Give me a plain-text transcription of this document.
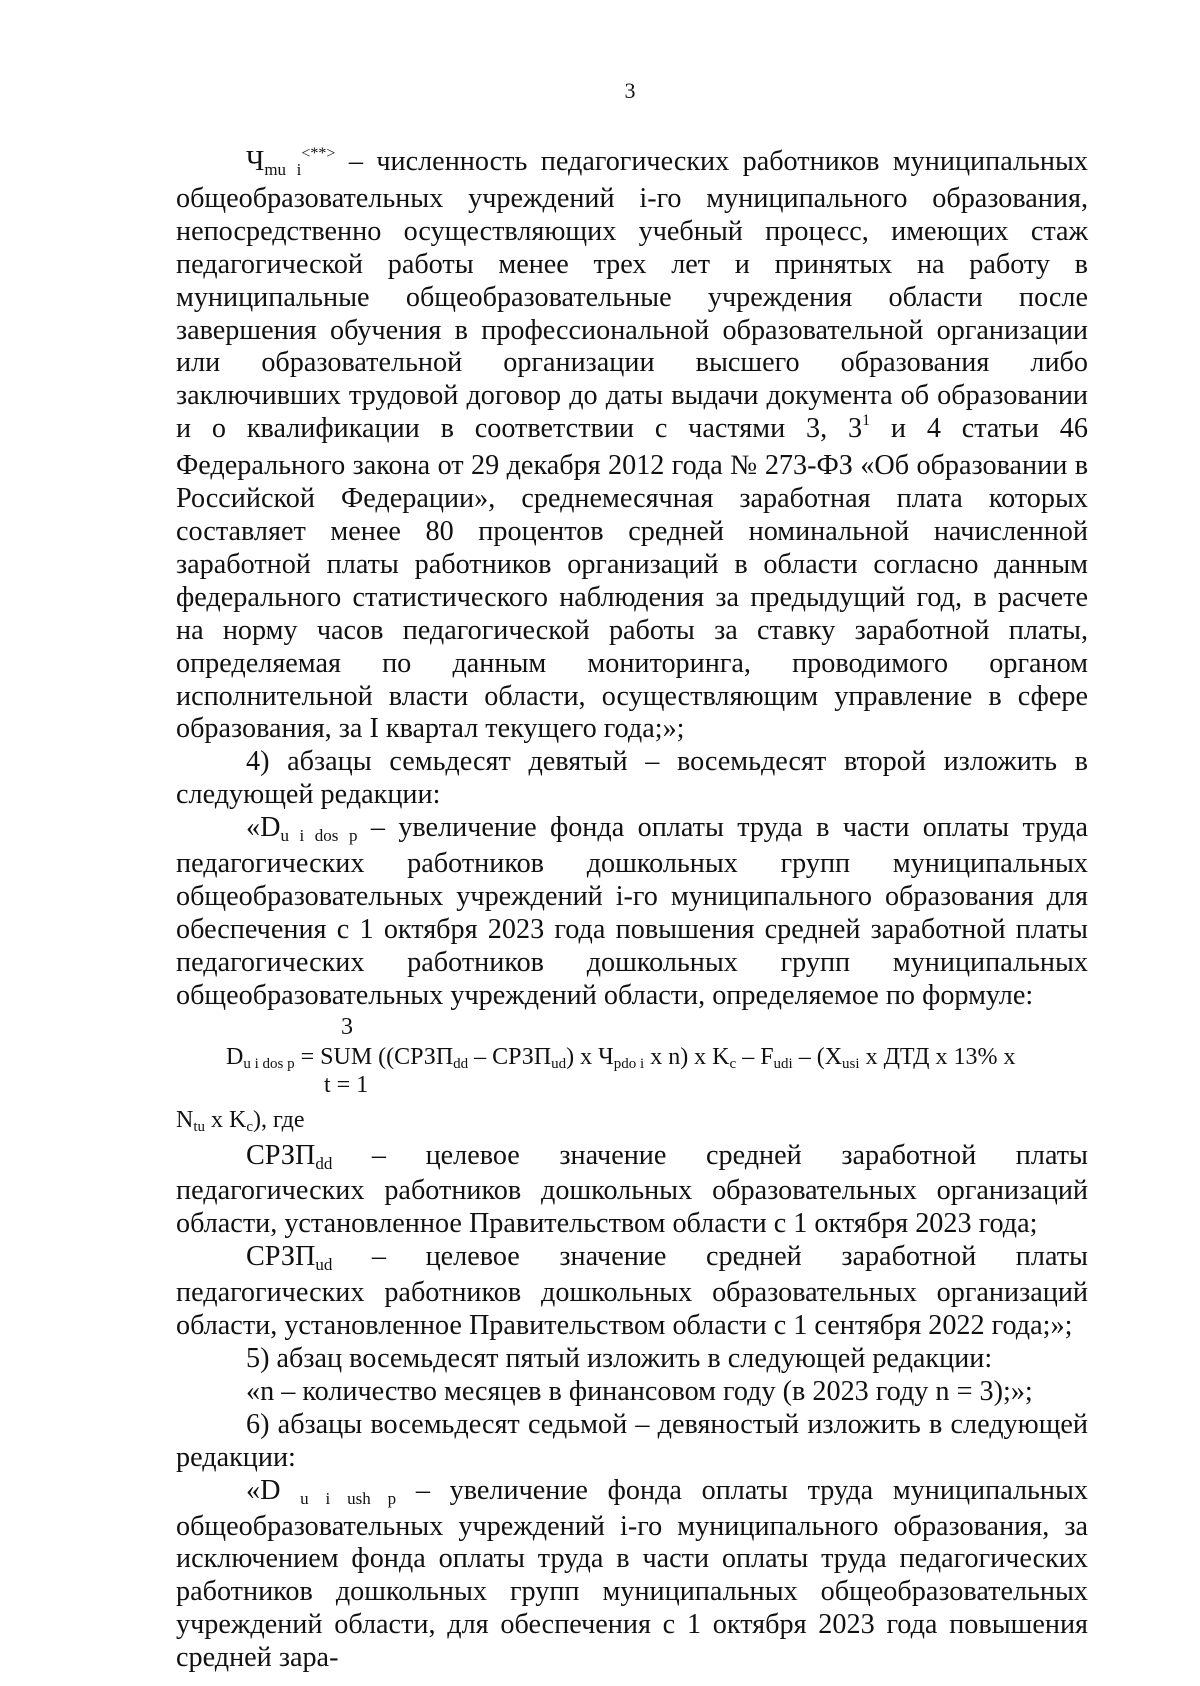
3

Чmu i<**> – численность педагогических работников муниципальных общеобразовательных учреждений i-го муниципального образования, непосредственно осуществляющих учебный процесс, имеющих стаж педагогической работы менее трех лет и принятых на работу в муниципальные общеобразовательные учреждения области после завершения обучения в профессиональной образовательной организации или образовательной организации высшего образования либо заключивших трудовой договор до даты выдачи документа об образовании и о квалификации в соответствии с частями 3, $3^1$ и 4 статьи 46 Федерального закона от 29 декабря 2012 года № 273-ФЗ «Об образовании в Российской Федерации», среднемесячная заработная плата которых составляет менее 80 процентов средней номинальной начисленной заработной платы работников организаций в области согласно данным федерального статистического наблюдения за предыдущий год, в расчете на норму часов педагогической работы за ставку заработной платы, определяемая по данным мониторинга, проводимого органом исполнительной власти области, осуществляющим управление в сфере образования, за I квартал текущего года;»;

4) абзацы семьдесят девятый – восемьдесят второй изложить в следующей редакции:

«Du i dos p – увеличение фонда оплаты труда в части оплаты труда педагогических работников дошкольных групп муниципальных общеобразовательных учреждений i-го муниципального образования для обеспечения с 1 октября 2023 года повышения средней заработной платы педагогических работников дошкольных групп муниципальных общеобразовательных учреждений области, определяемое по формуле:

3
Du i dos p = SUM ((СРЗПdd – СРЗПud) x Чpdo i x n) x Kc – Fudi – (Xusi x ДТД x 13% x
t = 1

Ntu x Kc), где

СРЗПdd – целевое значение средней заработной платы педагогических работников дошкольных образовательных организаций области, установленное Правительством области с 1 октября 2023 года;

СРЗПud – целевое значение средней заработной платы педагогических работников дошкольных образовательных организаций области, установленное Правительством области с 1 сентября 2022 года;»;

5) абзац восемьдесят пятый изложить в следующей редакции:

«n – количество месяцев в финансовом году (в 2023 году n = 3);»;

6) абзацы восемьдесят седьмой – девяностый изложить в следующей редакции:

«D u i ush p – увеличение фонда оплаты труда муниципальных общеобразовательных учреждений i-го муниципального образования, за исключением фонда оплаты труда в части оплаты труда педагогических работников дошкольных групп муниципальных общеобразовательных учреждений области, для обеспечения с 1 октября 2023 года повышения средней зара-
